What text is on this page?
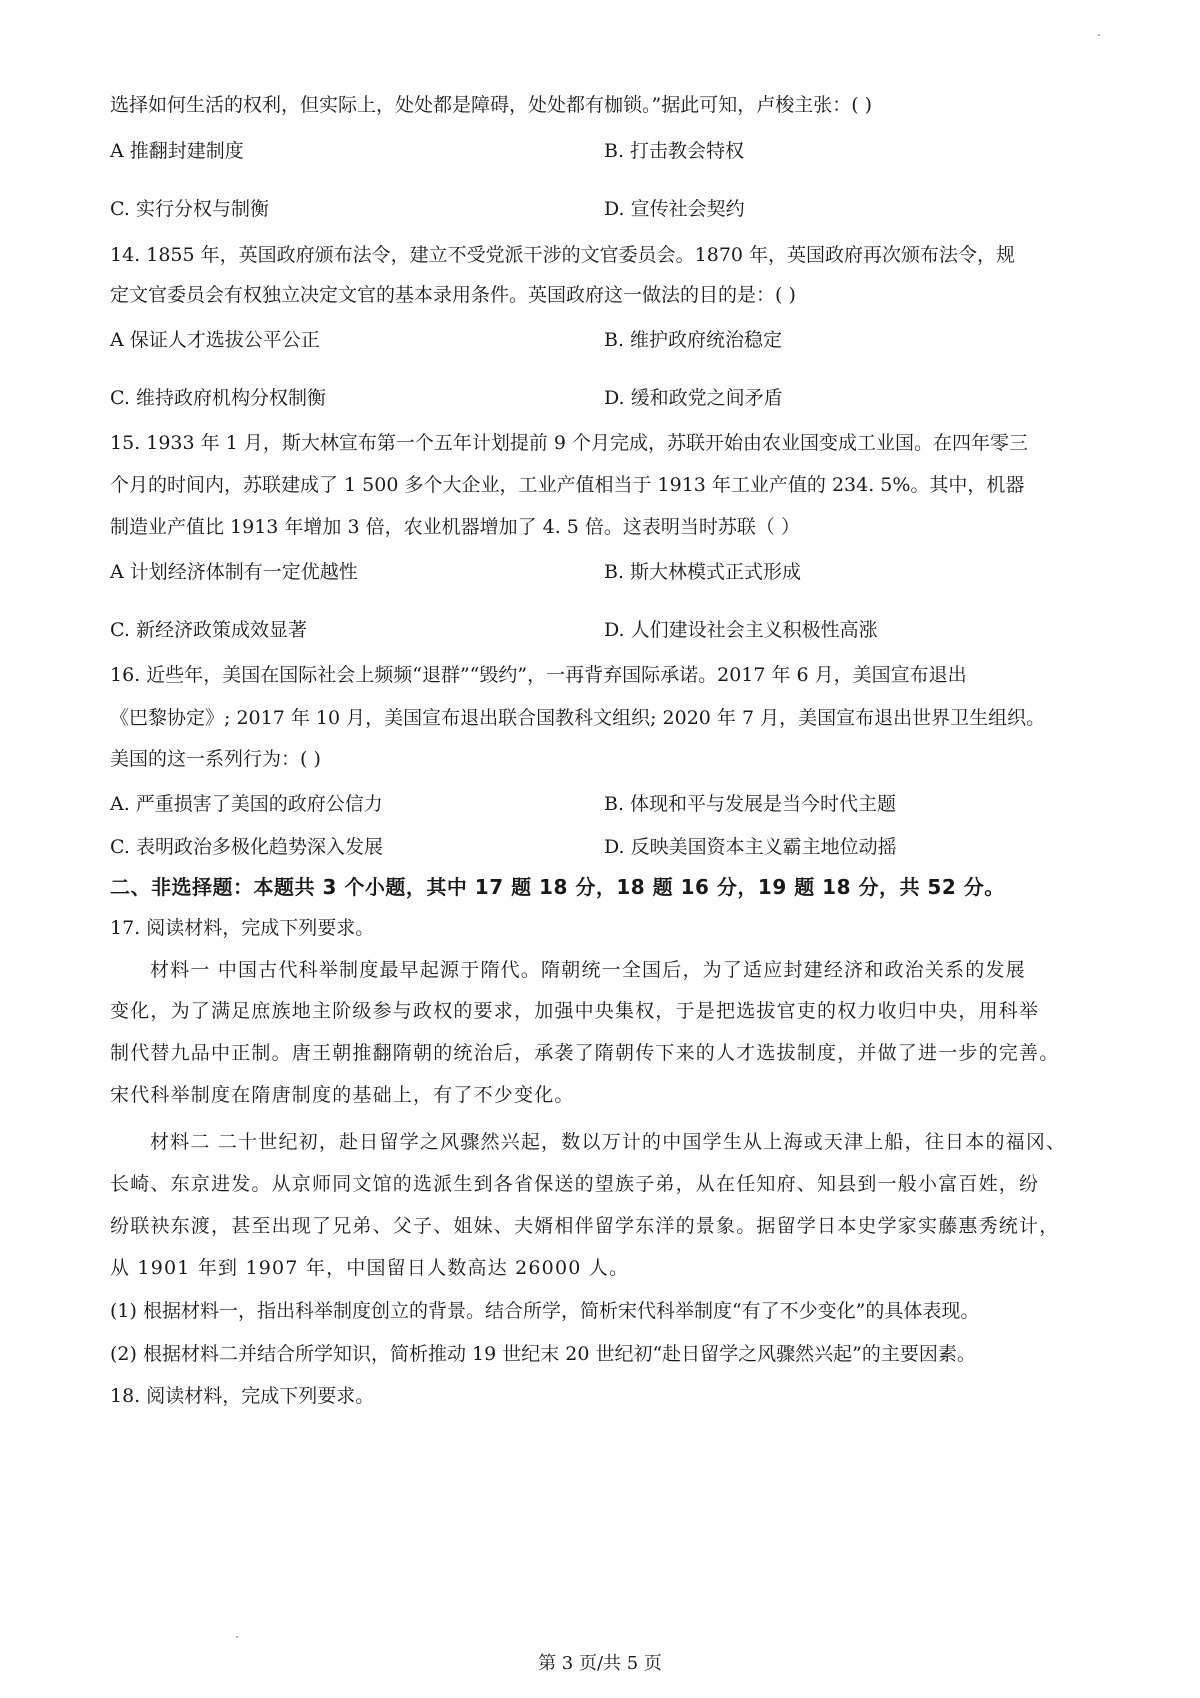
选择如何生活的权利，但实际上，处处都是障碍，处处都有枷锁。”据此可知，卢梭主张：( )
A 推翻封建制度	B. 打击教会特权
C. 实行分权与制衡	D. 宣传社会契约
14. 1855 年，英国政府颁布法令，建立不受党派干涉的文官委员会。1870 年，英国政府再次颁布法令，规
定文官委员会有权独立决定文官的基本录用条件。英国政府这一做法的目的是：( )
A 保证人才选拔公平公正	B. 维护政府统治稳定
C. 维持政府机构分权制衡	D. 缓和政党之间矛盾
15. 1933 年 1 月，斯大林宣布第一个五年计划提前 9 个月完成，苏联开始由农业国变成工业国。在四年零三
个月的时间内，苏联建成了 1 500 多个大企业，工业产值相当于 1913 年工业产值的 234. 5%。其中，机器
制造业产值比 1913 年增加 3 倍，农业机器增加了 4. 5 倍。这表明当时苏联（ ）
A 计划经济体制有一定优越性	B. 斯大林模式正式形成
C. 新经济政策成效显著	D. 人们建设社会主义积极性高涨
16. 近些年，美国在国际社会上频频“退群”“毁约”，一再背弃国际承诺。2017 年 6 月，美国宣布退出
《巴黎协定》; 2017 年 10 月，美国宣布退出联合国教科文组织; 2020 年 7 月，美国宣布退出世界卫生组织。
美国的这一系列行为：( )
A. 严重损害了美国的政府公信力	B. 体现和平与发展是当今时代主题
C. 表明政治多极化趋势深入发展	D. 反映美国资本主义霸主地位动摇
二、非选择题：本题共 3 个小题，其中 17 题 18 分，18 题 16 分，19 题 18 分，共 52 分。
17. 阅读材料，完成下列要求。
材料一 中国古代科举制度最早起源于隋代。隋朝统一全国后，为了适应封建经济和政治关系的发展
变化，为了满足庶族地主阶级参与政权的要求，加强中央集权，于是把选拔官吏的权力收归中央，用科举
制代替九品中正制。唐王朝推翻隋朝的统治后，承袭了隋朝传下来的人才选拔制度，并做了进一步的完善。
宋代科举制度在隋唐制度的基础上，有了不少变化。
材料二 二十世纪初，赴日留学之风骤然兴起，数以万计的中国学生从上海或天津上船，往日本的福冈、
长崎、东京进发。从京师同文馆的选派生到各省保送的望族子弟，从在任知府、知县到一般小富百姓，纷
纷联袂东渡，甚至出现了兄弟、父子、姐妹、夫婿相伴留学东洋的景象。据留学日本史学家实藤惠秀统计，
从 1901 年到 1907 年，中国留日人数高达 26000 人。
(1) 根据材料一，指出科举制度创立的背景。结合所学，简析宋代科举制度“有了不少变化”的具体表现。
(2) 根据材料二并结合所学知识，简析推动 19 世纪末 20 世纪初“赴日留学之风骤然兴起”的主要因素。
18. 阅读材料，完成下列要求。
第 3 页/共 5 页
